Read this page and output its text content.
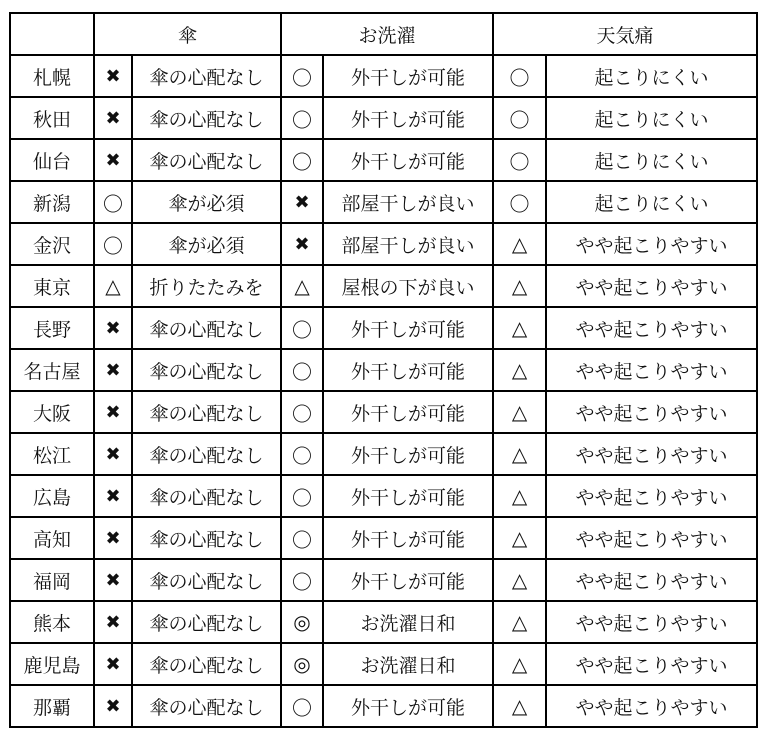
	傘		お洗濯		天気痛	
札幌	✖	傘の心配なし	〇	外干しが可能	〇	起こりにくい
秋田	✖	傘の心配なし	〇	外干しが可能	〇	起こりにくい
仙台	✖	傘の心配なし	〇	外干しが可能	〇	起こりにくい
新潟	〇	傘が必須	✖	部屋干しが良い	〇	起こりにくい
金沢	〇	傘が必須	✖	部屋干しが良い	△	やや起こりやすい
東京	△	折りたたみを	△	屋根の下が良い	△	やや起こりやすい
長野	✖	傘の心配なし	〇	外干しが可能	△	やや起こりやすい
名古屋	✖	傘の心配なし	〇	外干しが可能	△	やや起こりやすい
大阪	✖	傘の心配なし	〇	外干しが可能	△	やや起こりやすい
松江	✖	傘の心配なし	〇	外干しが可能	△	やや起こりやすい
広島	✖	傘の心配なし	〇	外干しが可能	△	やや起こりやすい
高知	✖	傘の心配なし	〇	外干しが可能	△	やや起こりやすい
福岡	✖	傘の心配なし	〇	外干しが可能	△	やや起こりやすい
熊本	✖	傘の心配なし	◎	お洗濯日和	△	やや起こりやすい
鹿児島	✖	傘の心配なし	◎	お洗濯日和	△	やや起こりやすい
那覇	✖	傘の心配なし	〇	外干しが可能	△	やや起こりやすい
